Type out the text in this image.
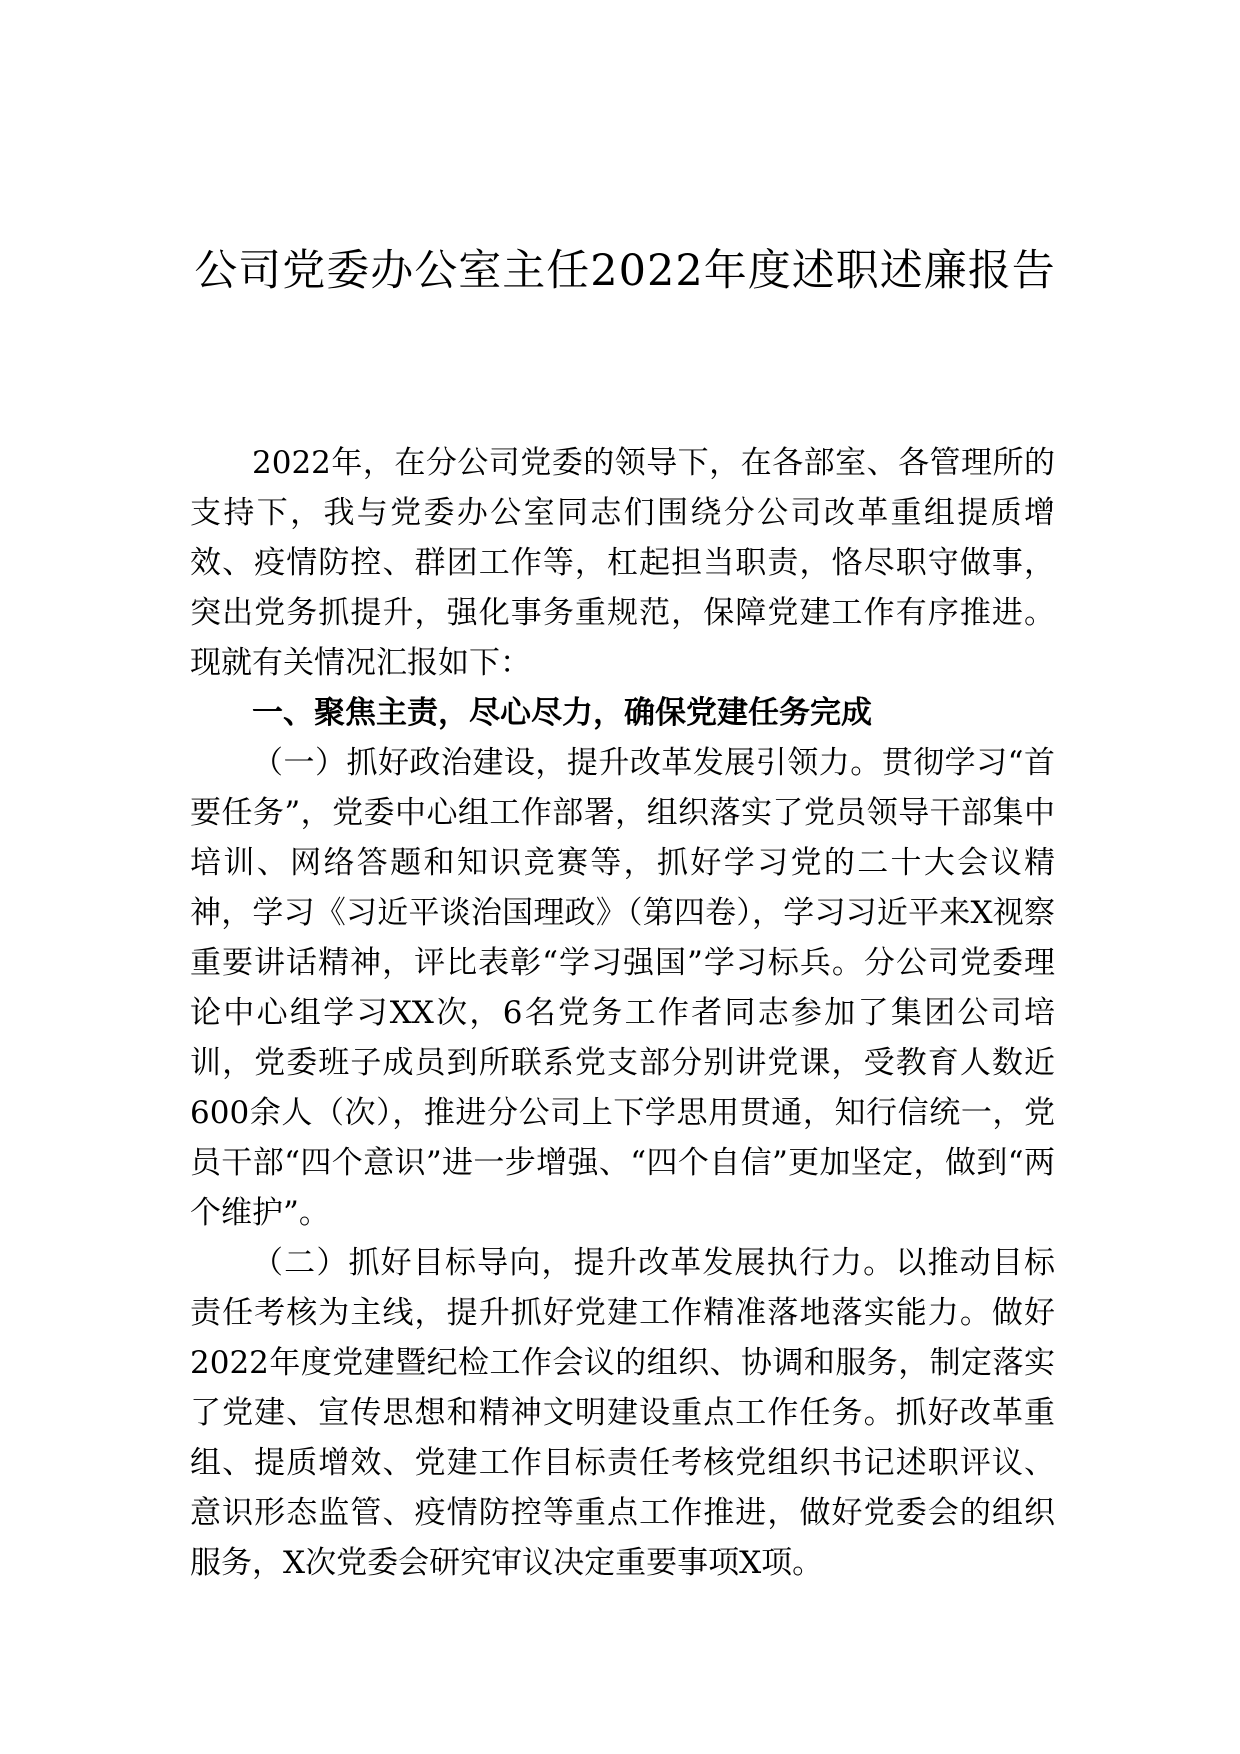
公司党委办公室主任2022年度述职述廉报告

2022年，在分公司党委的领导下，在各部室、各管理所的支持下，我与党委办公室同志们围绕分公司改革重组提质增效、疫情防控、群团工作等，杠起担当职责，恪尽职守做事，突出党务抓提升，强化事务重规范，保障党建工作有序推进。现就有关情况汇报如下：

一、聚焦主责，尽心尽力，确保党建任务完成

（一）抓好政治建设，提升改革发展引领力。贯彻学习“首要任务”，党委中心组工作部署，组织落实了党员领导干部集中培训、网络答题和知识竞赛等，抓好学习党的二十大会议精神，学习《习近平谈治国理政》（第四卷），学习习近平来X视察重要讲话精神，评比表彰“学习强国”学习标兵。分公司党委理论中心组学习XX次，6名党务工作者同志参加了集团公司培训，党委班子成员到所联系党支部分别讲党课，受教育人数近600余人（次），推进分公司上下学思用贯通，知行信统一，党员干部“四个意识”进一步增强、“四个自信”更加坚定，做到“两个维护”。

（二）抓好目标导向，提升改革发展执行力。以推动目标责任考核为主线，提升抓好党建工作精准落地落实能力。做好2022年度党建暨纪检工作会议的组织、协调和服务，制定落实了党建、宣传思想和精神文明建设重点工作任务。抓好改革重组、提质增效、党建工作目标责任考核党组织书记述职评议、意识形态监管、疫情防控等重点工作推进，做好党委会的组织服务，X次党委会研究审议决定重要事项X项。
